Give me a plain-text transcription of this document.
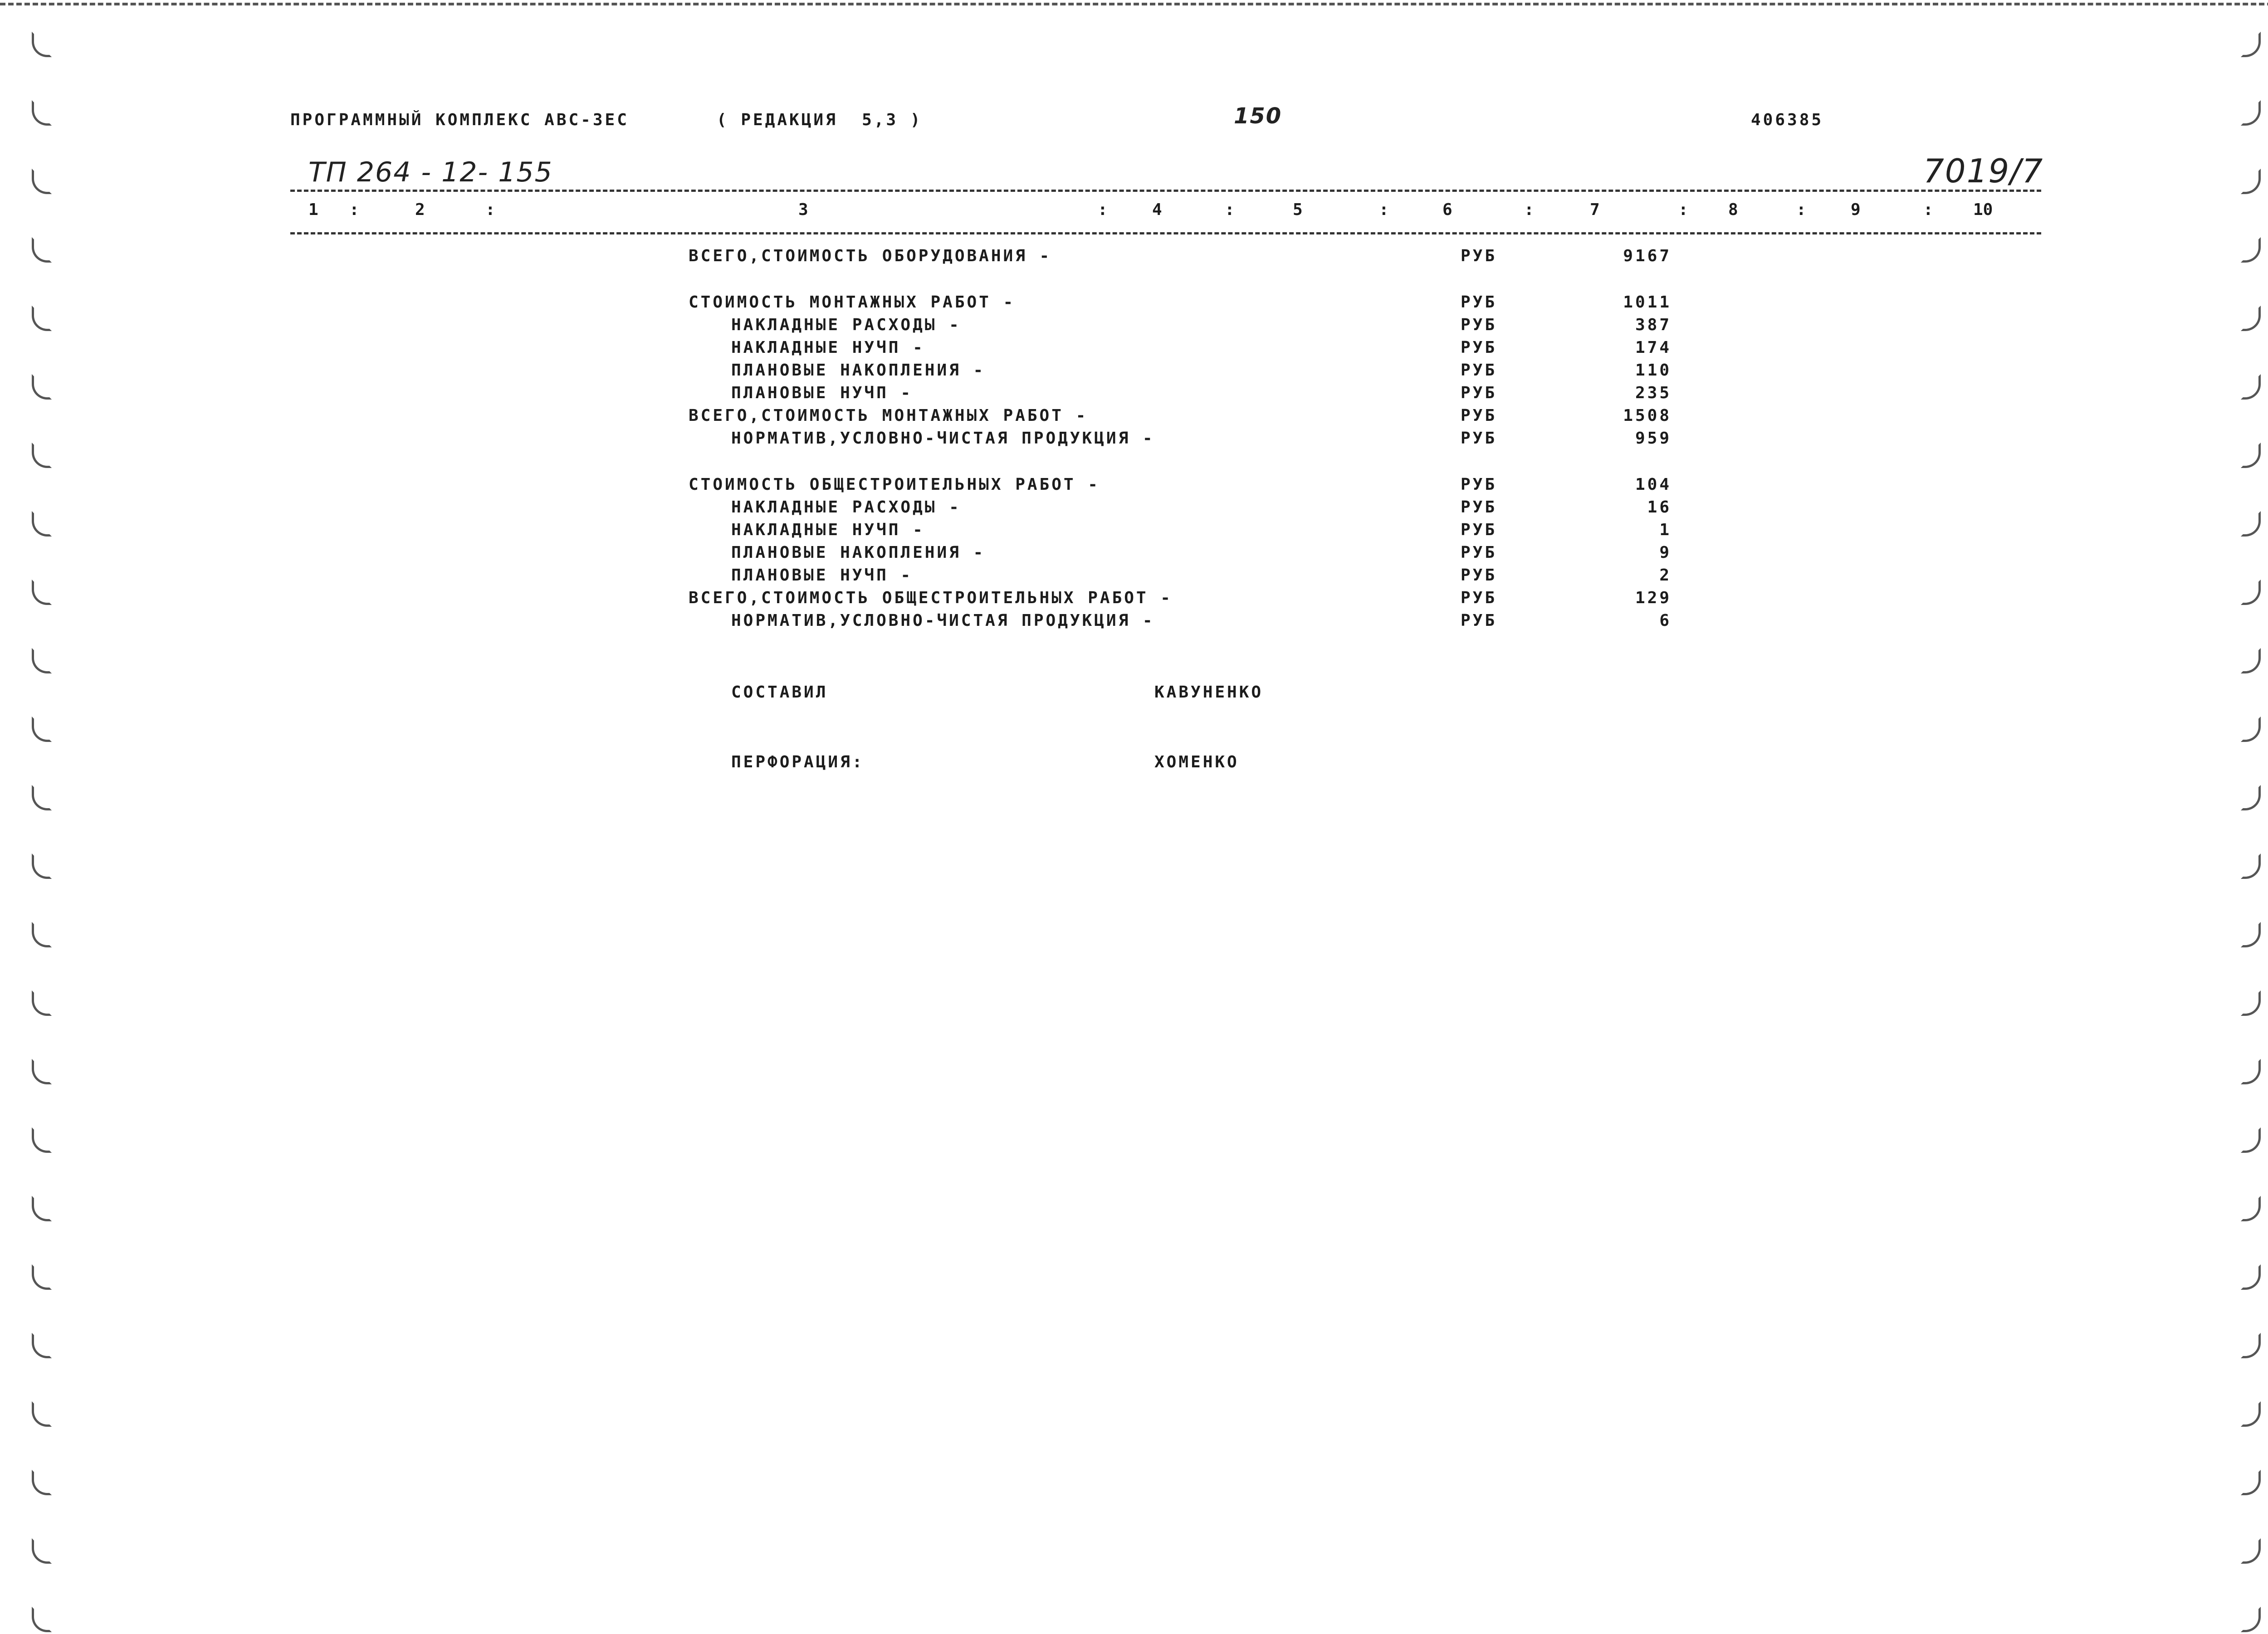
ПРОГРАММНЫЙ КОМПЛЕКС АВС-3ЕС	( РЕДАКЦИЯ  5,3 )	150	406385
ТП 264 - 12- 155	7019/7
1 :	2	:	3	:	4	:	5	:	6	:	7	: 8	:	9	: 10
ВСЕГО,СТОИМОСТЬ ОБОРУДОВАНИЯ -	РУБ	9167
СТОИМОСТЬ МОНТАЖНЫХ РАБОТ -	РУБ	1011
НАКЛАДНЫЕ РАСХОДЫ -	РУБ	387
НАКЛАДНЫЕ НУЧП -	РУБ	174
ПЛАНОВЫЕ НАКОПЛЕНИЯ -	РУБ	110
ПЛАНОВЫЕ НУЧП -	РУБ	235
ВСЕГО,СТОИМОСТЬ МОНТАЖНЫХ РАБОТ -	РУБ	1508
НОРМАТИВ,УСЛОВНО-ЧИСТАЯ ПРОДУКЦИЯ -	РУБ	959
СТОИМОСТЬ ОБЩЕСТРОИТЕЛЬНЫХ РАБОТ -	РУБ	104
НАКЛАДНЫЕ РАСХОДЫ -	РУБ	16
НАКЛАДНЫЕ НУЧП -	РУБ	1
ПЛАНОВЫЕ НАКОПЛЕНИЯ -	РУБ	9
ПЛАНОВЫЕ НУЧП -	РУБ	2
ВСЕГО,СТОИМОСТЬ ОБЩЕСТРОИТЕЛЬНЫХ РАБОТ -	РУБ	129
НОРМАТИВ,УСЛОВНО-ЧИСТАЯ ПРОДУКЦИЯ -	РУБ	6
СОСТАВИЛ	КАВУНЕНКО
ПЕРФОРАЦИЯ:	ХОМЕНКО
